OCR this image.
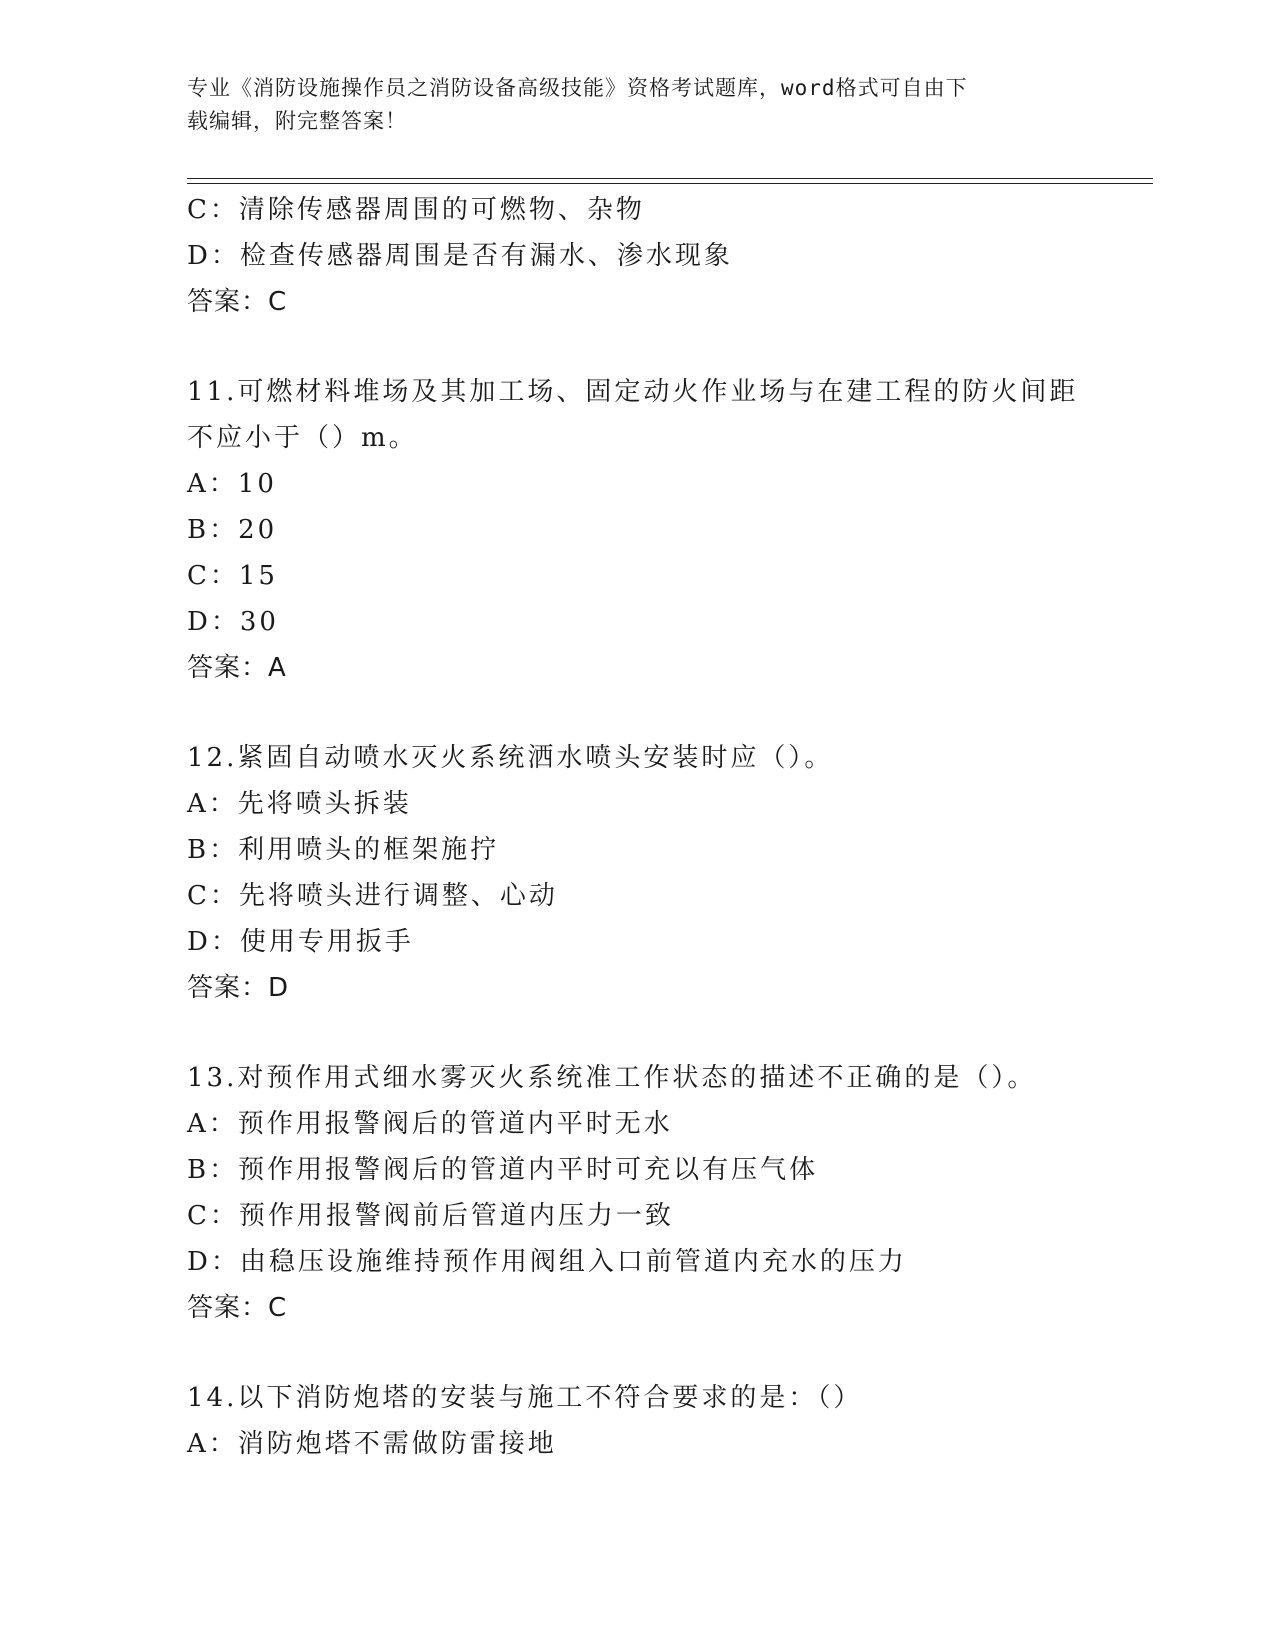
专业《消防设施操作员之消防设备高级技能》资格考试题库，word格式可自由下
载编辑，附完整答案！
C：清除传感器周围的可燃物、杂物
D：检查传感器周围是否有漏水、渗水现象
答案：C
11.可燃材料堆场及其加工场、固定动火作业场与在建工程的防火间距
不应小于（）m。
A：10
B：20
C：15
D：30
答案：A
12.紧固自动喷水灭火系统洒水喷头安装时应（）。
A：先将喷头拆装
B：利用喷头的框架施拧
C：先将喷头进行调整、心动
D：使用专用扳手
答案：D
13.对预作用式细水雾灭火系统准工作状态的描述不正确的是（）。
A：预作用报警阀后的管道内平时无水
B：预作用报警阀后的管道内平时可充以有压气体
C：预作用报警阀前后管道内压力一致
D：由稳压设施维持预作用阀组入口前管道内充水的压力
答案：C
14.以下消防炮塔的安装与施工不符合要求的是：（）
A：消防炮塔不需做防雷接地
